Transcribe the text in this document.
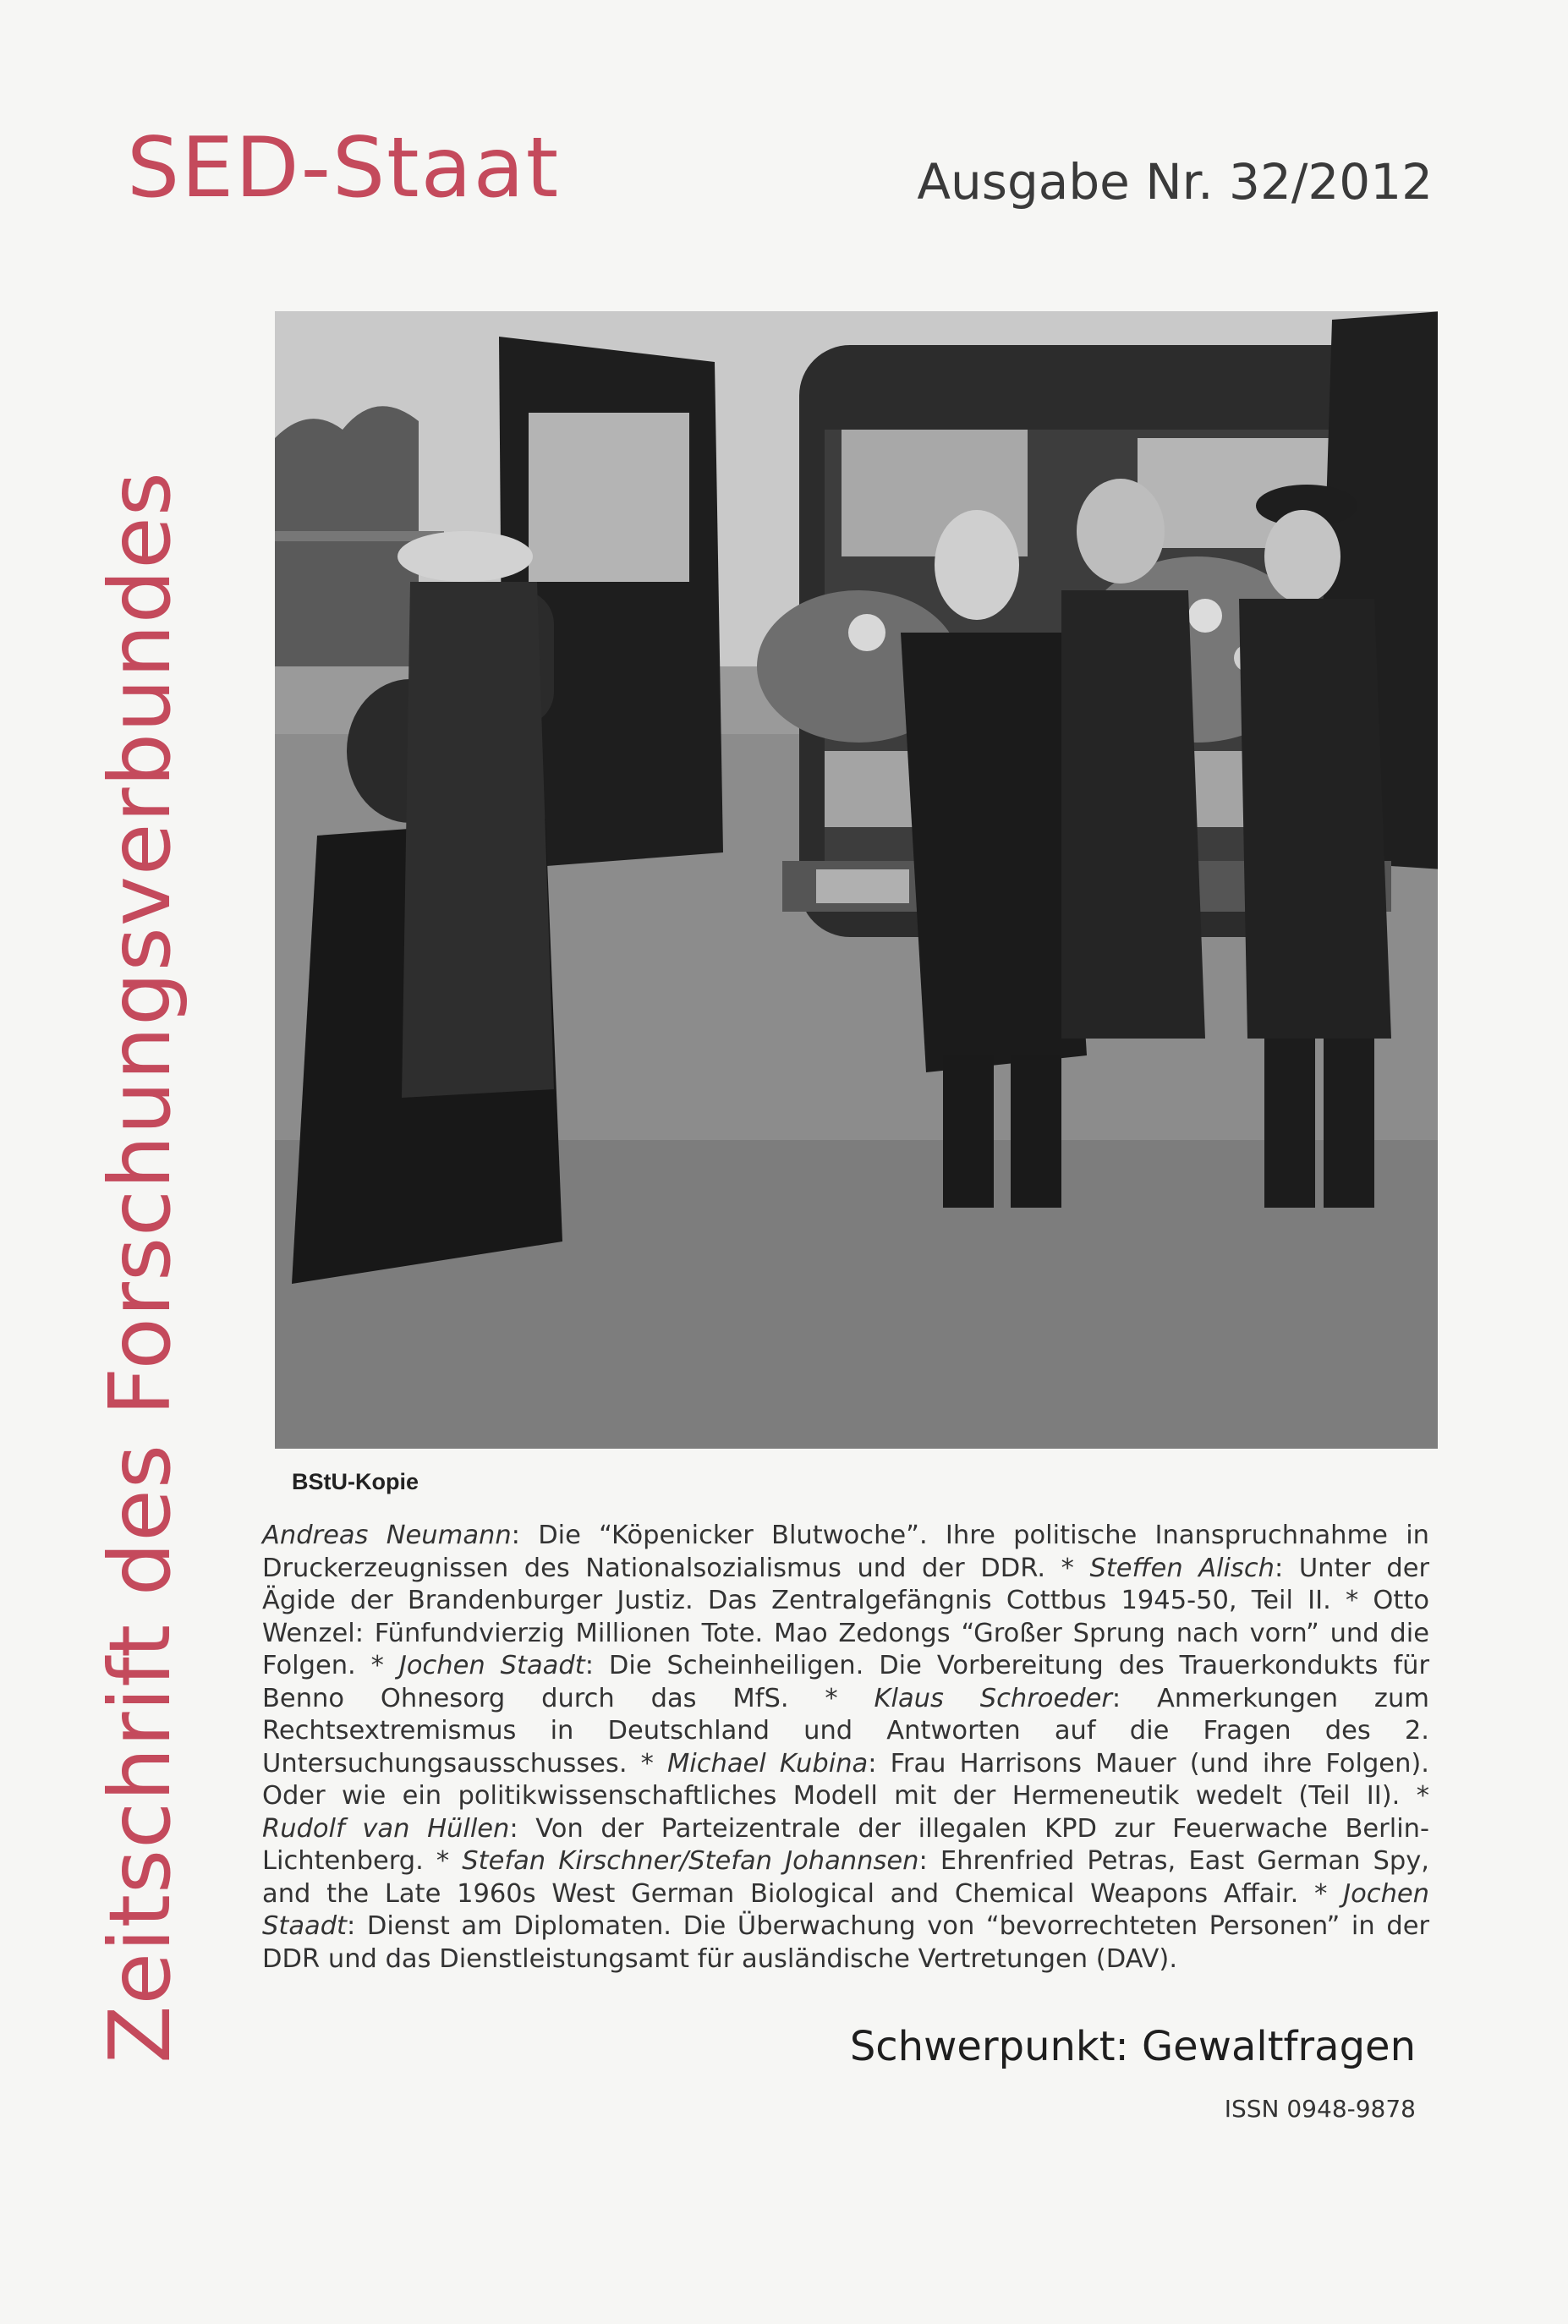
SED-Staat	Ausgabe Nr. 32/2012
Zeitschrift des Forschungsverbundes	BStU-Kopie
Andreas Neumann: Die “Köpenicker Blutwoche”. Ihre politische Inanspruchnahme in Druckerzeugnissen des Nationalsozialismus und der DDR. * Steffen Alisch: Unter der Ägide der Brandenburger Justiz. Das Zentralgefängnis Cottbus 1945-50, Teil II. * Otto Wenzel: Fünfundvierzig Millionen Tote. Mao Zedongs “Großer Sprung nach vorn” und die Folgen. * Jochen Staadt: Die Scheinheiligen. Die Vorbereitung des Trauerkondukts für Benno Ohnesorg durch das MfS. * Klaus Schroeder: Anmerkungen zum Rechtsextremismus in Deutschland und Antworten auf die Fragen des 2. Untersuchungsausschusses. * Michael Kubina: Frau Harrisons Mauer (und ihre Folgen). Oder wie ein politikwissenschaftliches Modell mit der Hermeneutik wedelt (Teil II). * Rudolf van Hüllen: Von der Parteizentrale der illegalen KPD zur Feuerwache Berlin-Lichtenberg. * Stefan Kirschner/Stefan Johannsen: Ehrenfried Petras, East German Spy, and the Late 1960s West German Biological and Chemical Weapons Affair. * Jochen Staadt: Dienst am Diplomaten. Die Überwachung von “bevorrechteten Personen” in der DDR und das Dienstleistungsamt für ausländische Vertretungen (DAV).
Schwerpunkt: Gewaltfragen
ISSN 0948-9878
